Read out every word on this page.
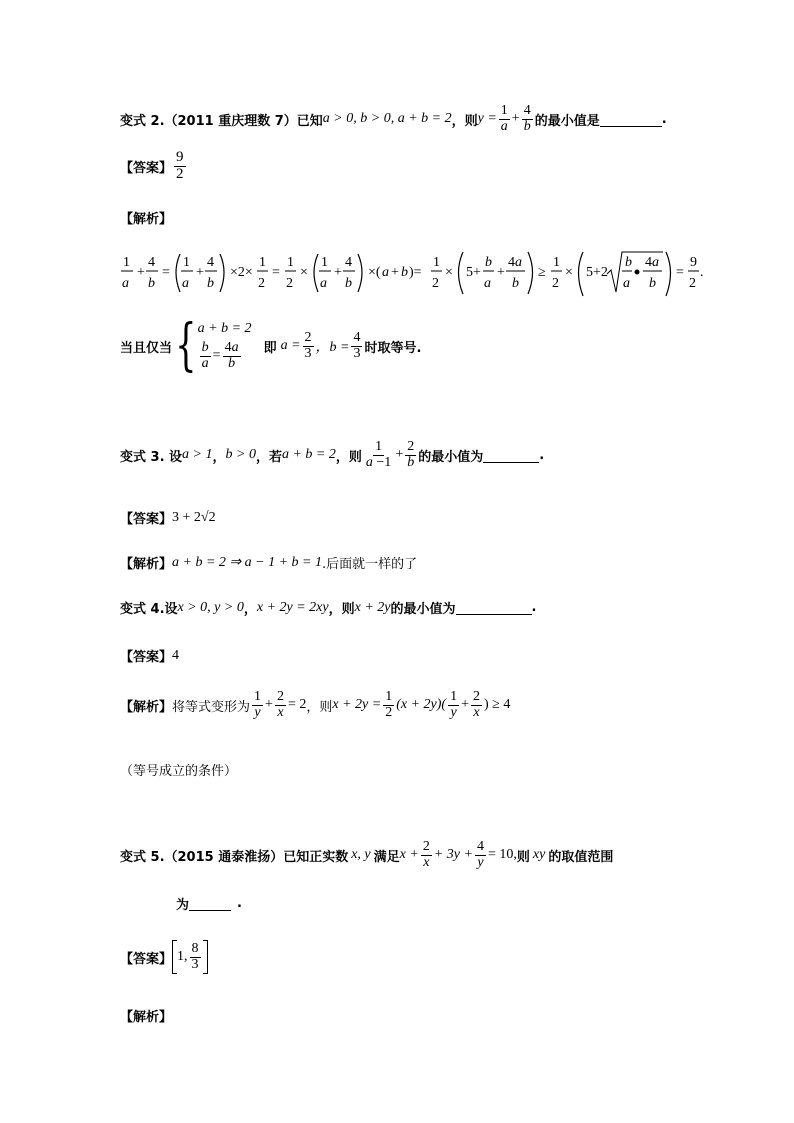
变式 2.（2011 重庆理数 7）已知 a > 0, b > 0, a + b = 2 ，则 $y = \frac{1}{a} + \frac{4}{b}$ 的最小值是	.
【答案】 $\frac{9}{2}$
【解析】
1
a
+
4
b
=
1
a
+
4
b
×2×
1
2
=
1
2
×
1
a
+
4
b
×( a + b )=
1
2
× 5+
b
a
+
4 a
b
≥
1
2
× 5+2
b
a
4 a
b
=
9
2
.
当且仅当 { a + b = 2
$\frac{b}{a} = \frac{4a}{b}$ 即 $a = \frac{2}{3}$ ，$b = \frac{4}{3}$ 时取等号.
变式 3. 设 a > 1 ， b > 0 ，若 a + b = 2 ，则 $\frac{1}{a -1} + \frac{2}{b}$ 的最小值为	.
【答案】 3 + 2√2
【解析】 a + b = 2 ⇒ a − 1 + b = 1 .后面就一样的了
变式 4.设 x > 0, y > 0 ， x + 2y = 2xy ，则 x + 2y 的最小值为	.
【答案】 4
【解析】 将等式变形为 $\frac{1}{y} + \frac{2}{x} = 2$ ，则 $x + 2y = \frac{1}{2} (x + 2y)( \frac{1}{y} + \frac{2}{x}$ ) ≥ 4
（等号成立的条件）
变式 5.（2015 通泰淮扬）已知正实数 x, y 满足 $x + \frac{2}{x} + 3y + \frac{4}{y} = 10$, 则 xy 的取值范围
为	.
【答案】 1, $\frac{8}{3}$
【解析】
